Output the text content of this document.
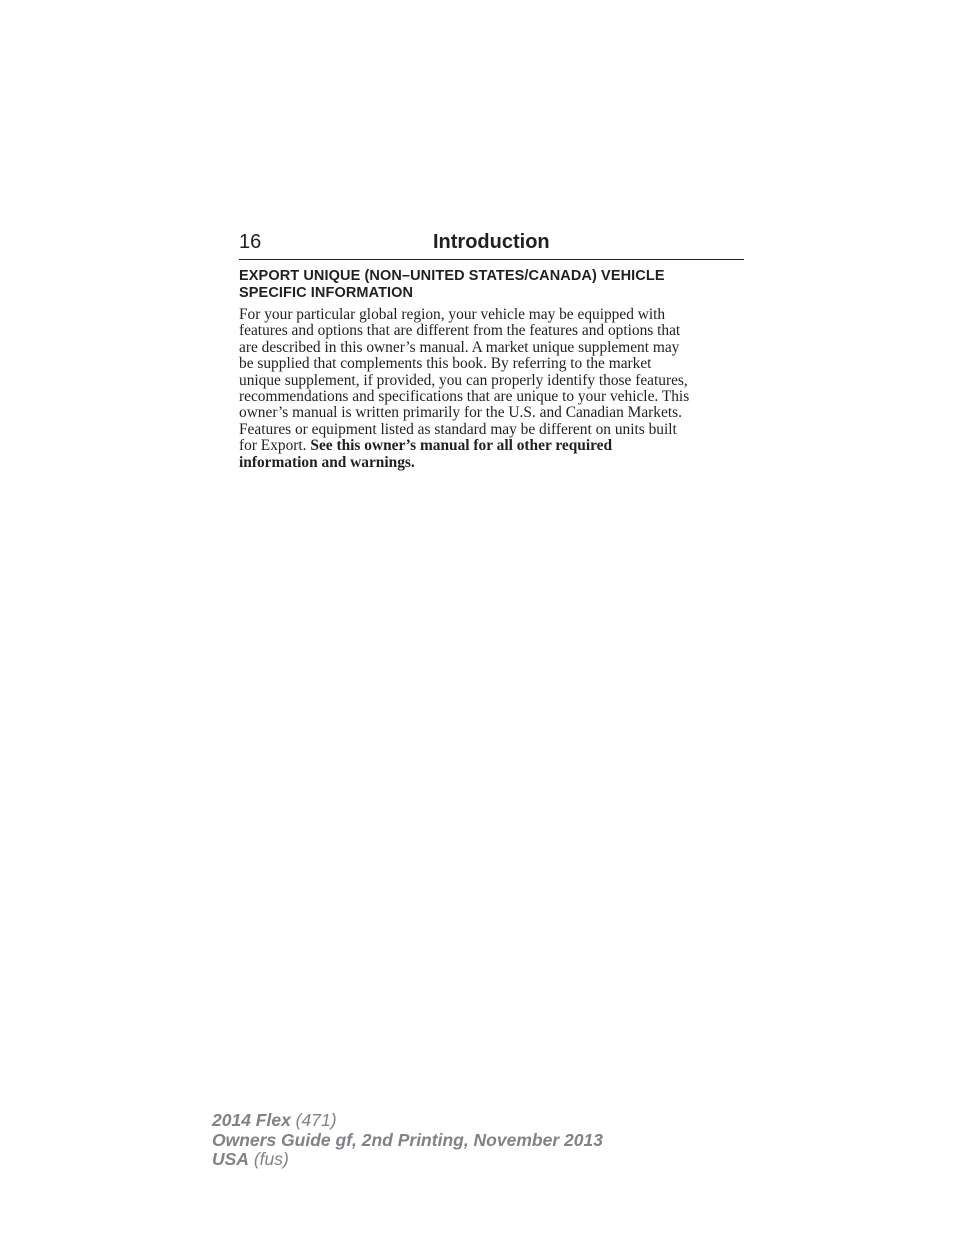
16	Introduction
EXPORT UNIQUE (NON–UNITED STATES/CANADA) VEHICLE
SPECIFIC INFORMATION

For your particular global region, your vehicle may be equipped with
features and options that are different from the features and options that
are described in this owner’s manual. A market unique supplement may
be supplied that complements this book. By referring to the market
unique supplement, if provided, you can properly identify those features,
recommendations and specifications that are unique to your vehicle. This
owner’s manual is written primarily for the U.S. and Canadian Markets.
Features or equipment listed as standard may be different on units built
for Export. See this owner’s manual for all other required
information and warnings.

2014 Flex (471)
Owners Guide gf, 2nd Printing, November 2013
USA (fus)
